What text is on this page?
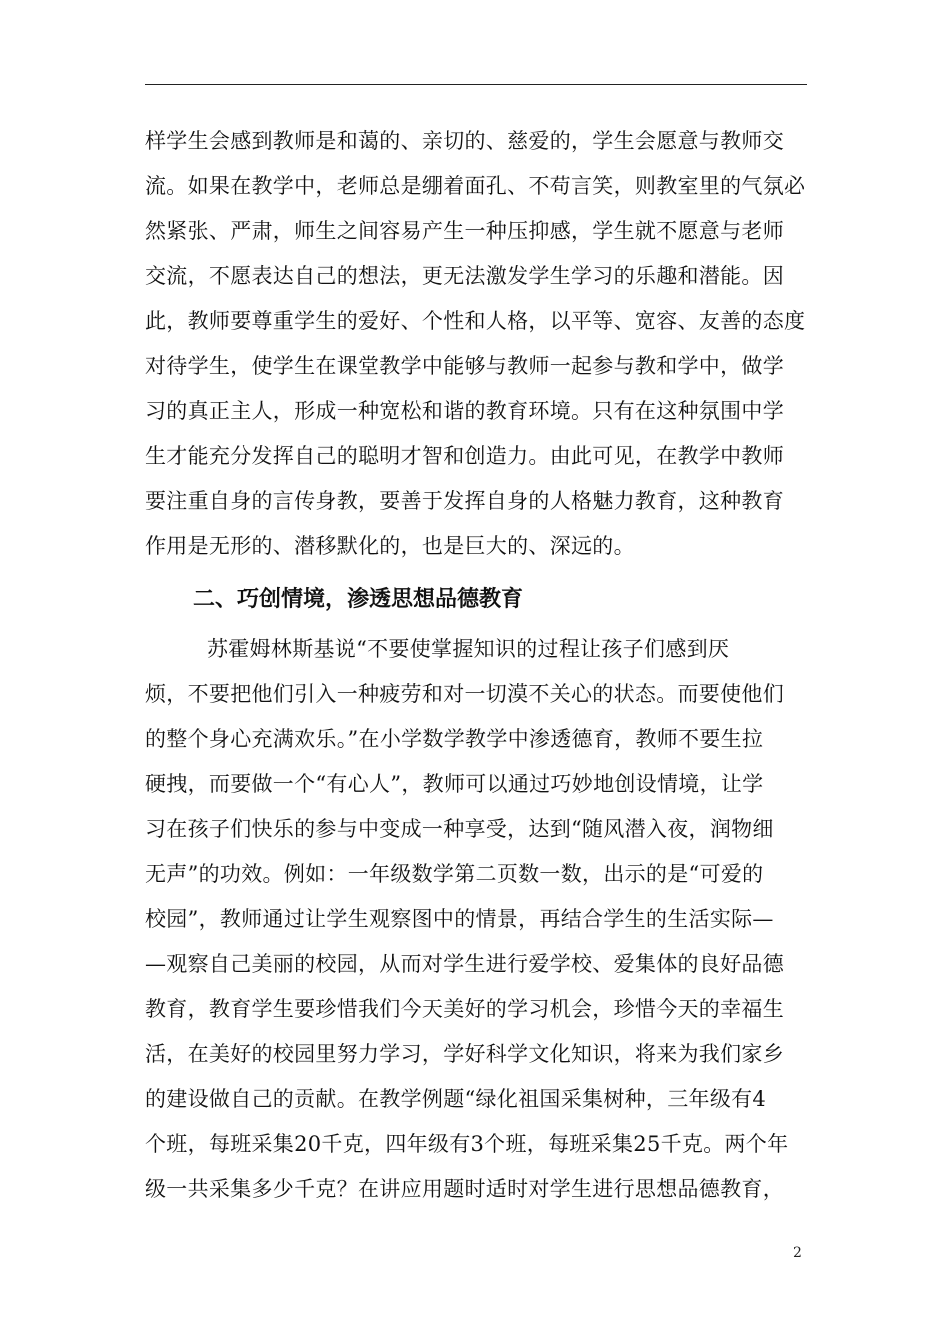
样学生会感到教师是和蔼的、亲切的、慈爱的，学生会愿意与教师交
流。如果在教学中，老师总是绷着面孔、不苟言笑，则教室里的气氛必
然紧张、严肃，师生之间容易产生一种压抑感，学生就不愿意与老师
交流，不愿表达自己的想法，更无法激发学生学习的乐趣和潜能。因
此，教师要尊重学生的爱好、个性和人格，以平等、宽容、友善的态度
对待学生，使学生在课堂教学中能够与教师一起参与教和学中，做学
习的真正主人，形成一种宽松和谐的教育环境。只有在这种氛围中学
生才能充分发挥自己的聪明才智和创造力。由此可见，在教学中教师
要注重自身的言传身教，要善于发挥自身的人格魅力教育，这种教育
作用是无形的、潜移默化的，也是巨大的、深远的。
二、巧创情境，渗透思想品德教育
苏霍姆林斯基说“不要使掌握知识的过程让孩子们感到厌
烦，不要把他们引入一种疲劳和对一切漠不关心的状态。而要使他们
的整个身心充满欢乐。”在小学数学教学中渗透德育，教师不要生拉
硬拽，而要做一个“有心人”，教师可以通过巧妙地创设情境，让学
习在孩子们快乐的参与中变成一种享受，达到“随风潜入夜，润物细
无声”的功效。例如：一年级数学第二页数一数，出示的是“可爱的
校园”，教师通过让学生观察图中的情景，再结合学生的生活实际—
—观察自己美丽的校园，从而对学生进行爱学校、爱集体的良好品德
教育，教育学生要珍惜我们今天美好的学习机会，珍惜今天的幸福生
活，在美好的校园里努力学习，学好科学文化知识，将来为我们家乡
的建设做自己的贡献。在教学例题“绿化祖国采集树种，三年级有4
个班，每班采集20千克，四年级有3个班，每班采集25千克。两个年
级一共采集多少千克？在讲应用题时适时对学生进行思想品德教育，
2
